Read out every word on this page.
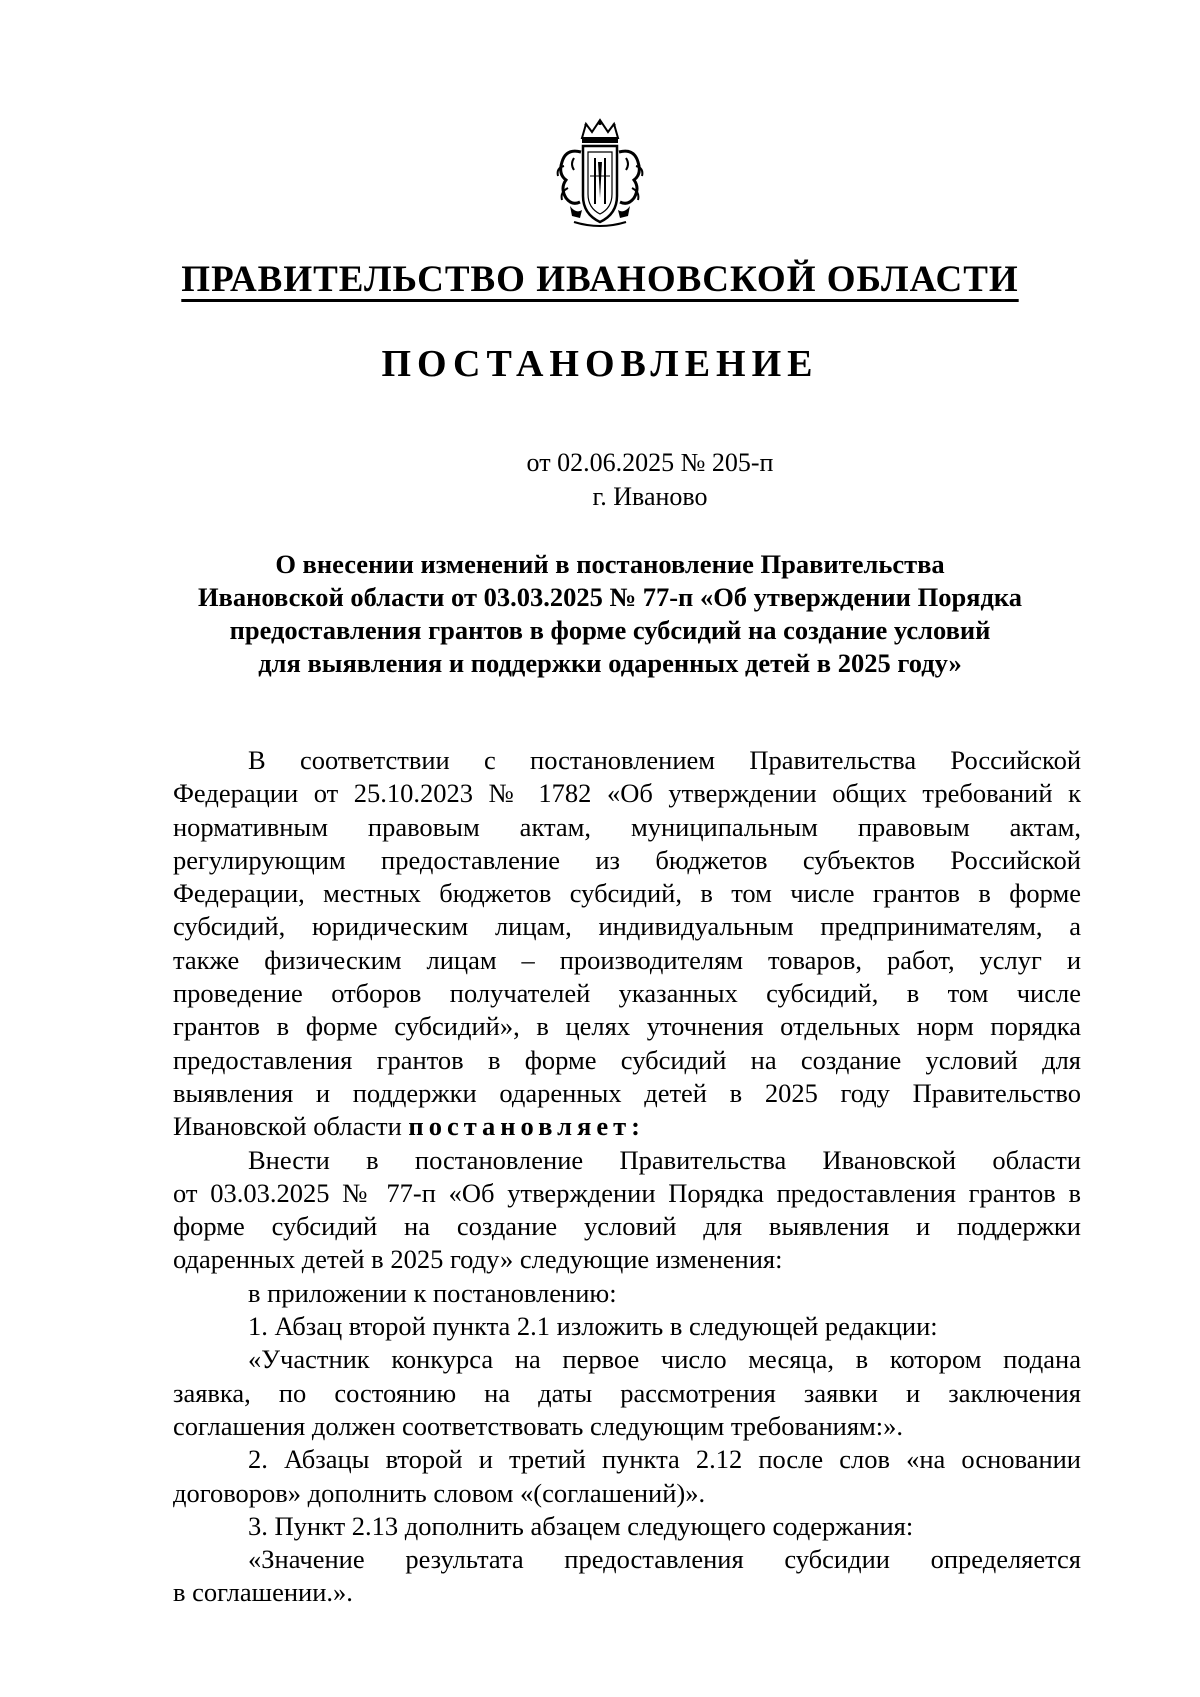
ПРАВИТЕЛЬСТВО ИВАНОВСКОЙ ОБЛАСТИ
ПОСТАНОВЛЕНИЕ
от 02.06.2025 № 205-п
г. Иваново
О внесении изменений в постановление Правительства
Ивановской области от 03.03.2025 № 77-п «Об утверждении Порядка
предоставления грантов в форме субсидий на создание условий
для выявления и поддержки одаренных детей в 2025 году»
В соответствии с постановлением Правительства Российской
Федерации от 25.10.2023 № 1782 «Об утверждении общих требований к
нормативным правовым актам, муниципальным правовым актам,
регулирующим предоставление из бюджетов субъектов Российской
Федерации, местных бюджетов субсидий, в том числе грантов в форме
субсидий, юридическим лицам, индивидуальным предпринимателям, а
также физическим лицам – производителям товаров, работ, услуг и
проведение отборов получателей указанных субсидий, в том числе
грантов в форме субсидий», в целях уточнения отдельных норм порядка
предоставления грантов в форме субсидий на создание условий для
выявления и поддержки одаренных детей в 2025 году Правительство
Ивановской области постановляет:
Внести в постановление Правительства Ивановской области
от 03.03.2025 № 77-п «Об утверждении Порядка предоставления грантов в
форме субсидий на создание условий для выявления и поддержки
одаренных детей в 2025 году» следующие изменения:
в приложении к постановлению:
1. Абзац второй пункта 2.1 изложить в следующей редакции:
«Участник конкурса на первое число месяца, в котором подана
заявка, по состоянию на даты рассмотрения заявки и заключения
соглашения должен соответствовать следующим требованиям:».
2. Абзацы второй и третий пункта 2.12 после слов «на основании
договоров» дополнить словом «(соглашений)».
3. Пункт 2.13 дополнить абзацем следующего содержания:
«Значение результата предоставления субсидии определяется
в соглашении.».
